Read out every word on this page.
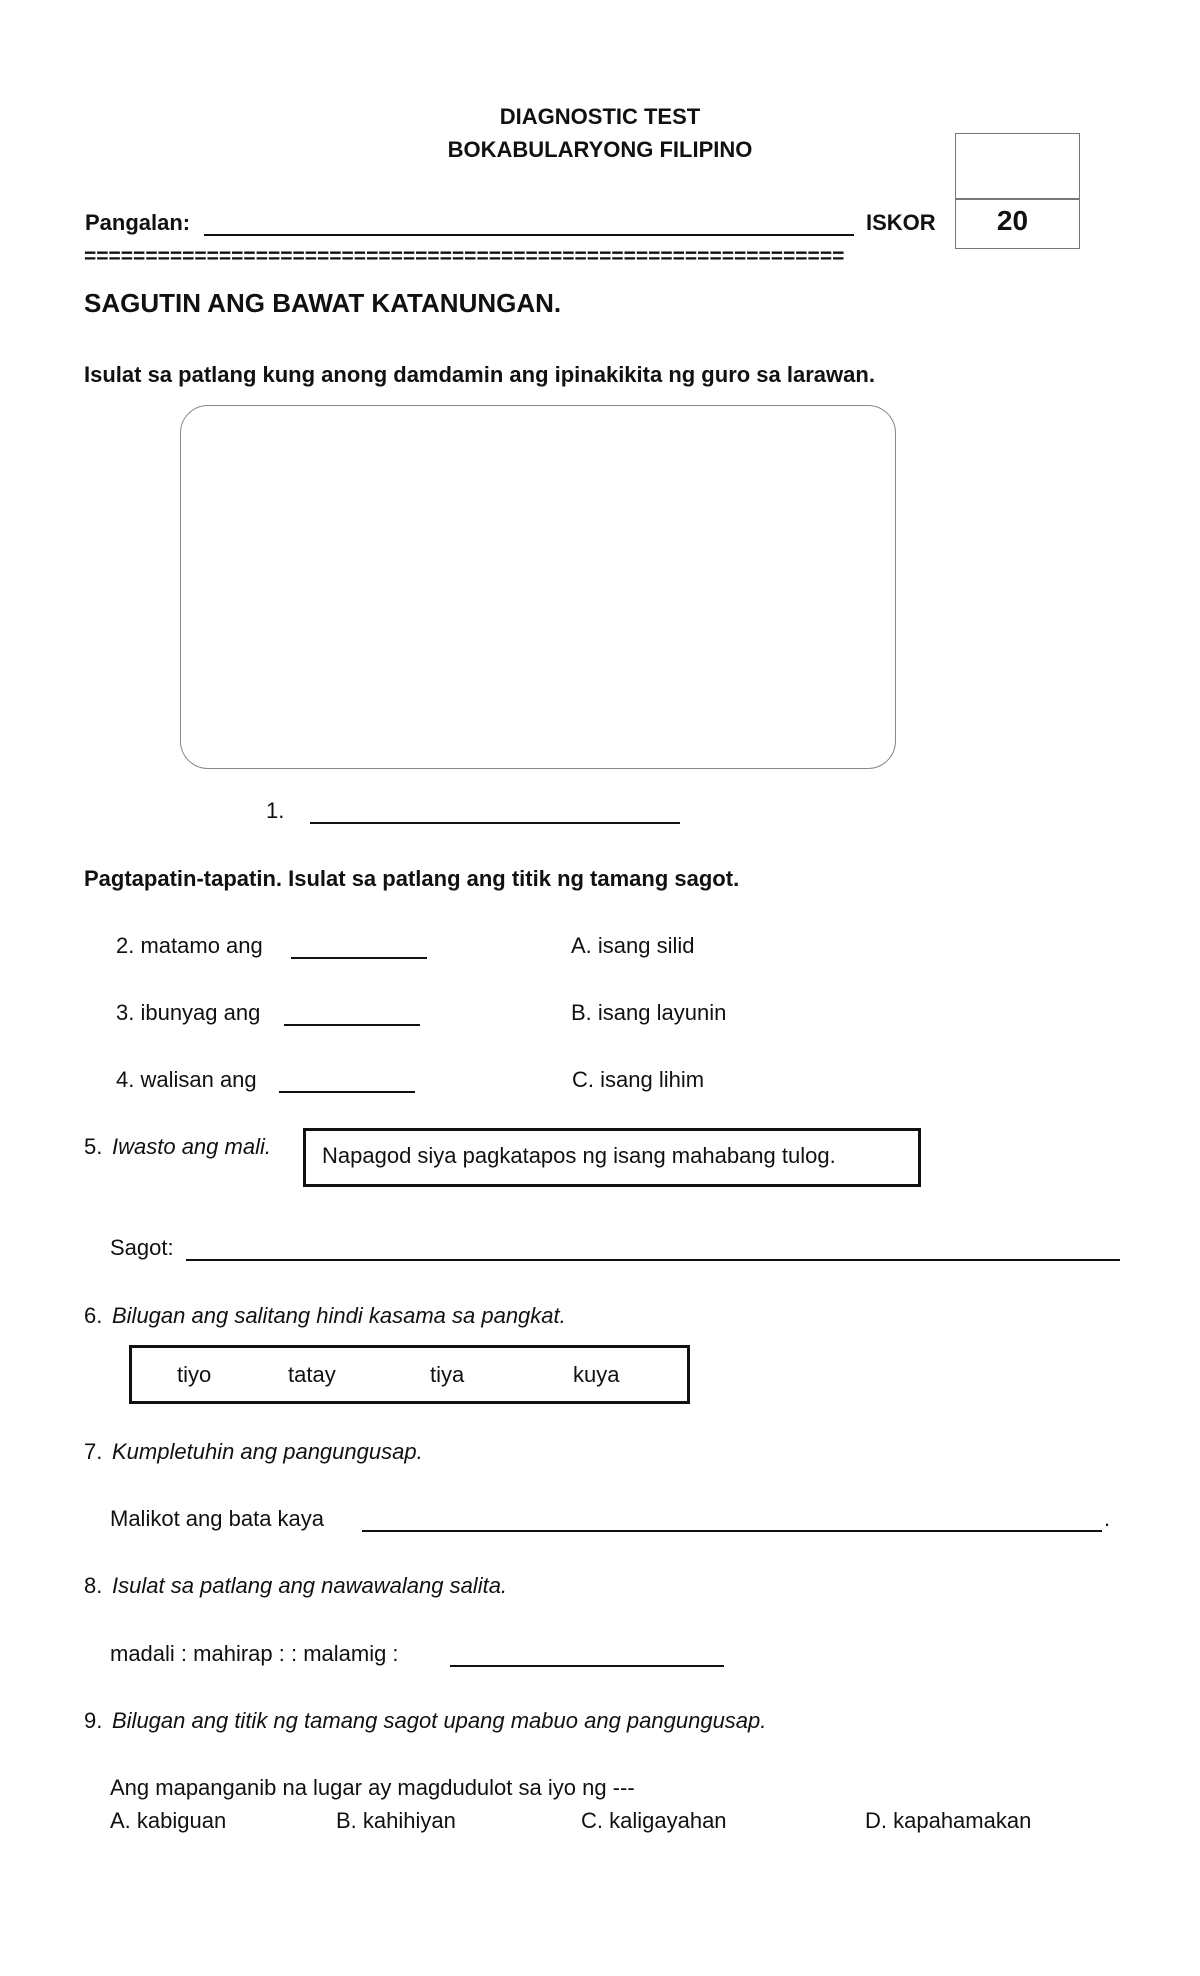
DIAGNOSTIC TEST
BOKABULARYONG FILIPINO
20
Pangalan:	ISKOR
==============================================================
SAGUTIN ANG BAWAT KATANUNGAN.
Isulat sa patlang kung anong damdamin ang ipinakikita ng guro sa larawan.
1.
Pagtapatin-tapatin. Isulat sa patlang ang titik ng tamang sagot.
2. matamo ang	A. isang silid
3. ibunyag ang	B. isang layunin
4. walisan ang	C. isang lihim
5. Iwasto ang mali. Napagod siya pagkatapos ng isang mahabang tulog.
Sagot:
6. Bilugan ang salitang hindi kasama sa pangkat.
tiyo	tatay	tiya	kuya
7. Kumpletuhin ang pangungusap.
Malikot ang bata kaya	.
8. Isulat sa patlang ang nawawalang salita.
madali : mahirap : : malamig :
9. Bilugan ang titik ng tamang sagot upang mabuo ang pangungusap.
Ang mapanganib na lugar ay magdudulot sa iyo ng ---
A. kabiguan	B. kahihiyan	C. kaligayahan	D. kapahamakan
